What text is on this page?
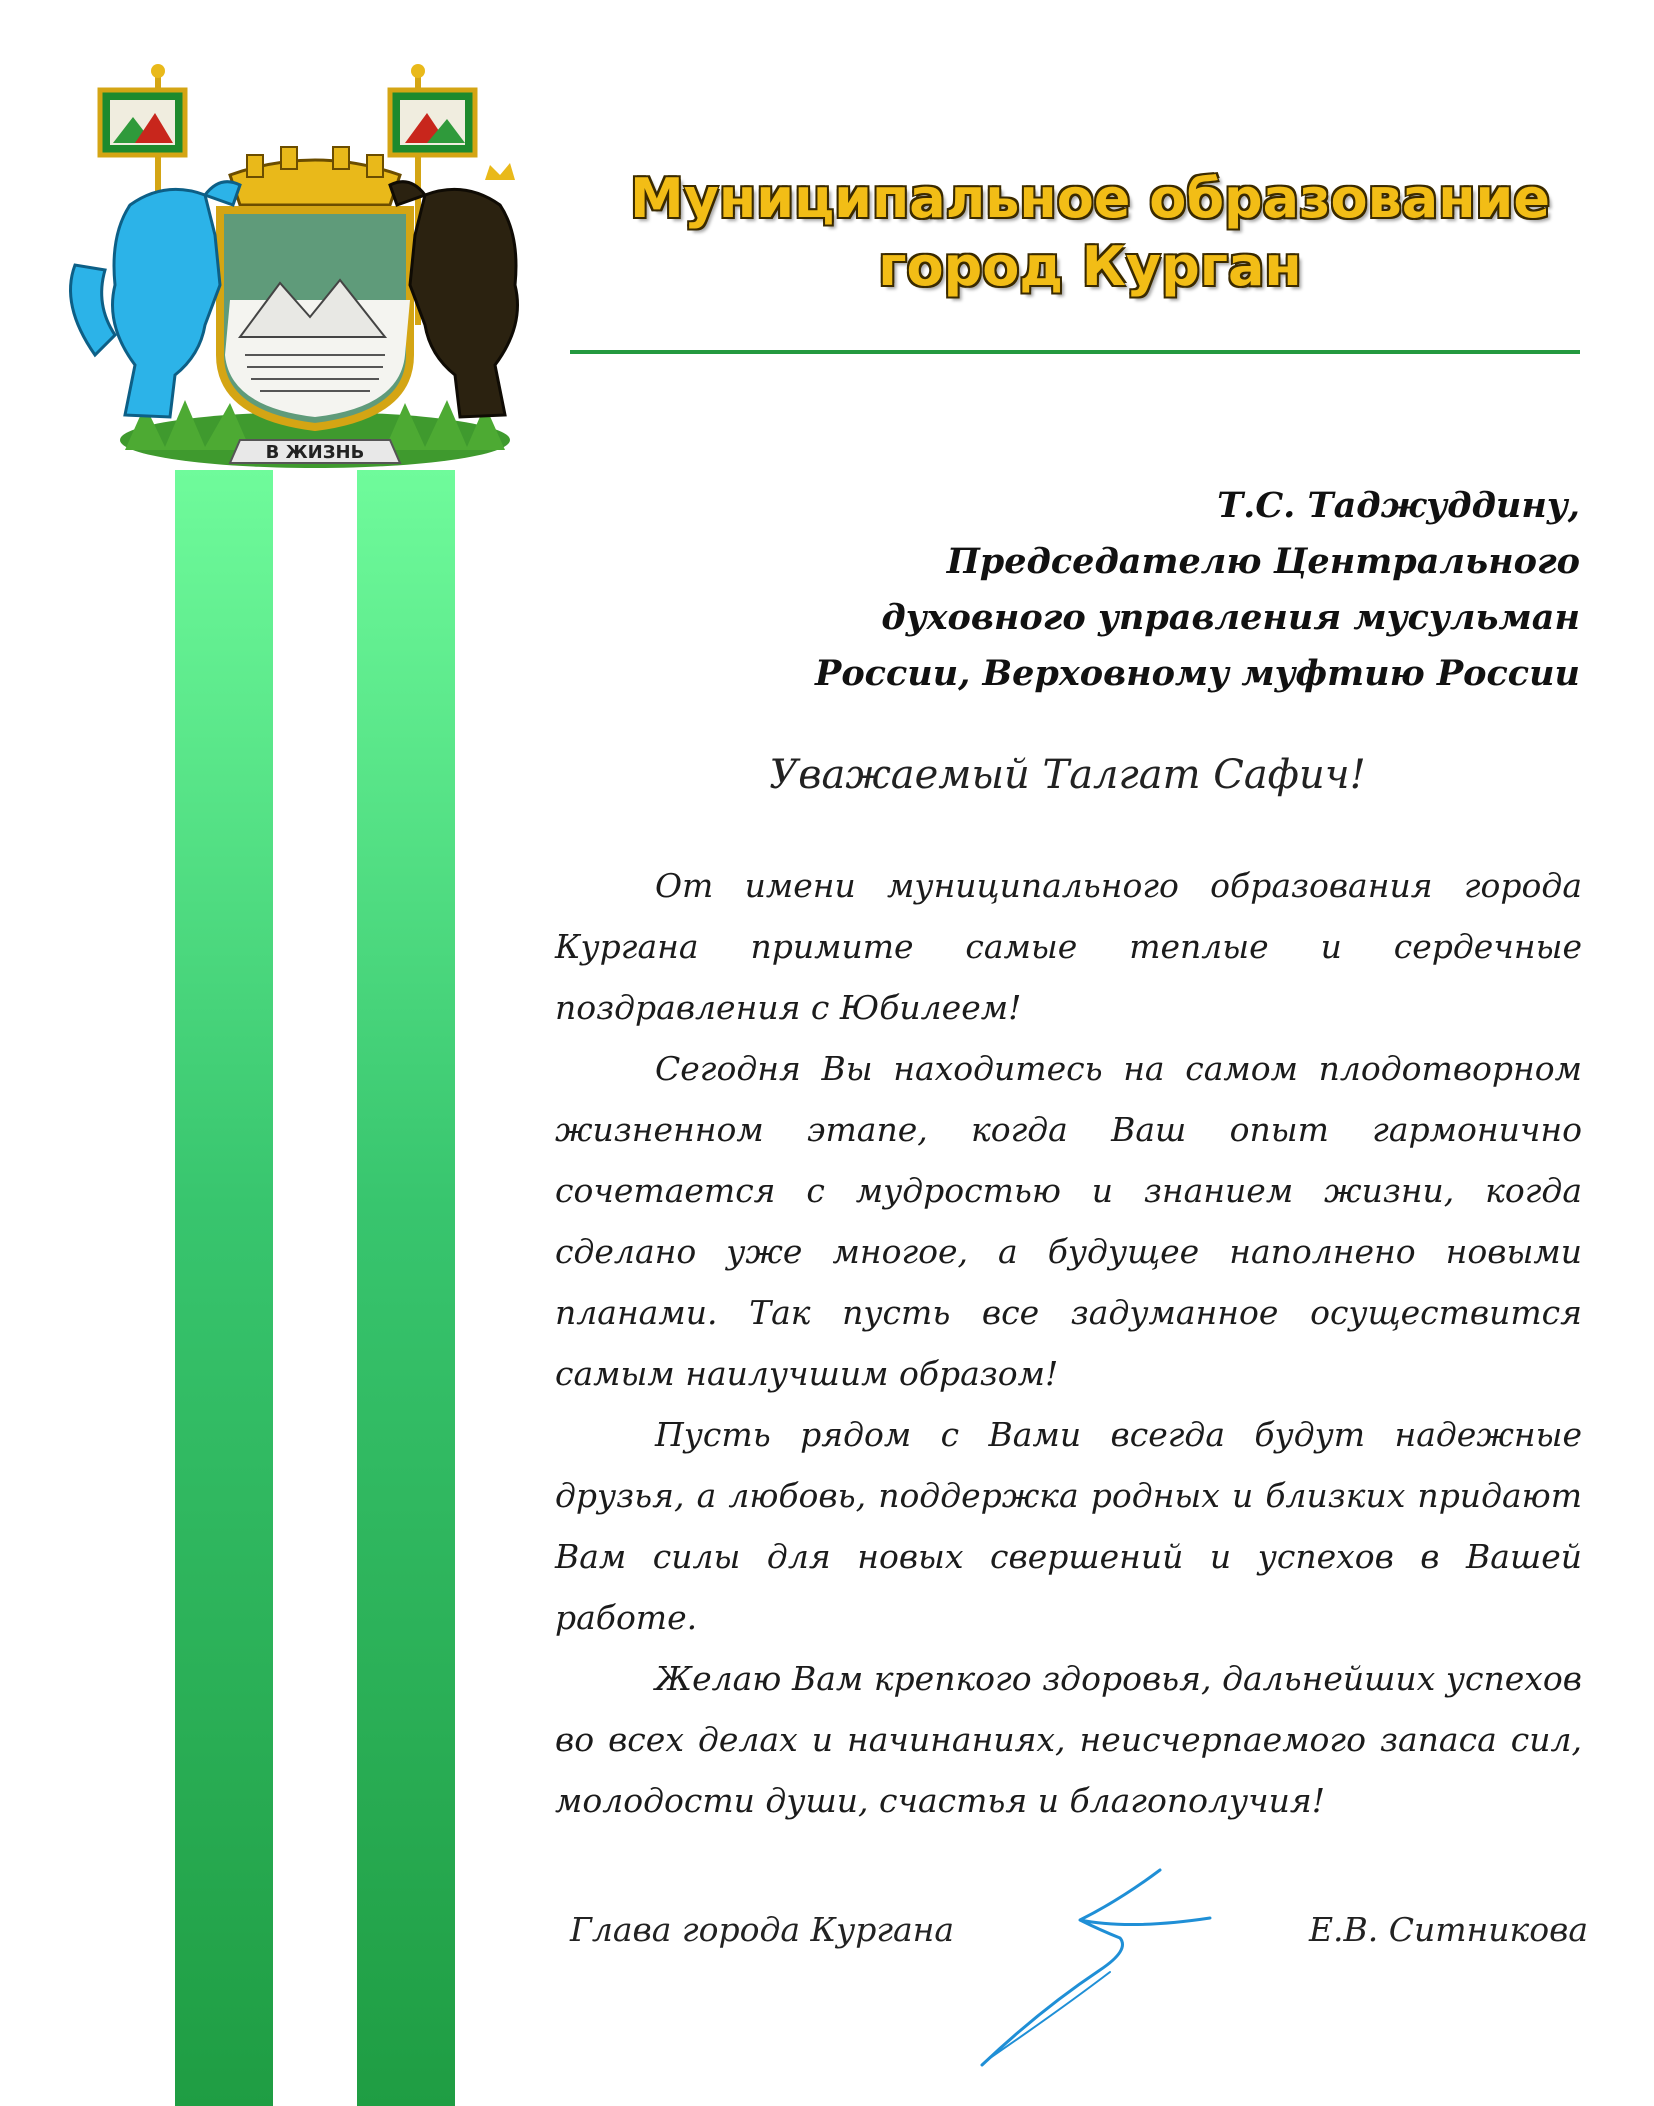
В ЖИЗНЬ
Муниципальное образование
город Курган
Т.С. Таджуддину,
Председателю Центрального
духовного управления мусульман
России, Верховному муфтию России
Уважаемый Талгат Сафич!

От имени муниципального образования города Кургана примите самые теплые и сердечные поздравления с Юбилеем!

Сегодня Вы находитесь на самом плодотворном жизненном этапе, когда Ваш опыт гармонично сочетается с мудростью и знанием жизни, когда сделано уже многое, а будущее наполнено новыми планами. Так пусть все задуманное осуществится самым наилучшим образом!

Пусть рядом с Вами всегда будут надежные друзья, а любовь, поддержка родных и близких придают Вам силы для новых свершений и успехов в Вашей работе.

Желаю Вам крепкого здоровья, дальнейших успехов во всех делах и начинаниях, неисчерпаемого запаса сил, молодости души, счастья и благополучия!

Глава города Кургана	Е.В. Ситникова
